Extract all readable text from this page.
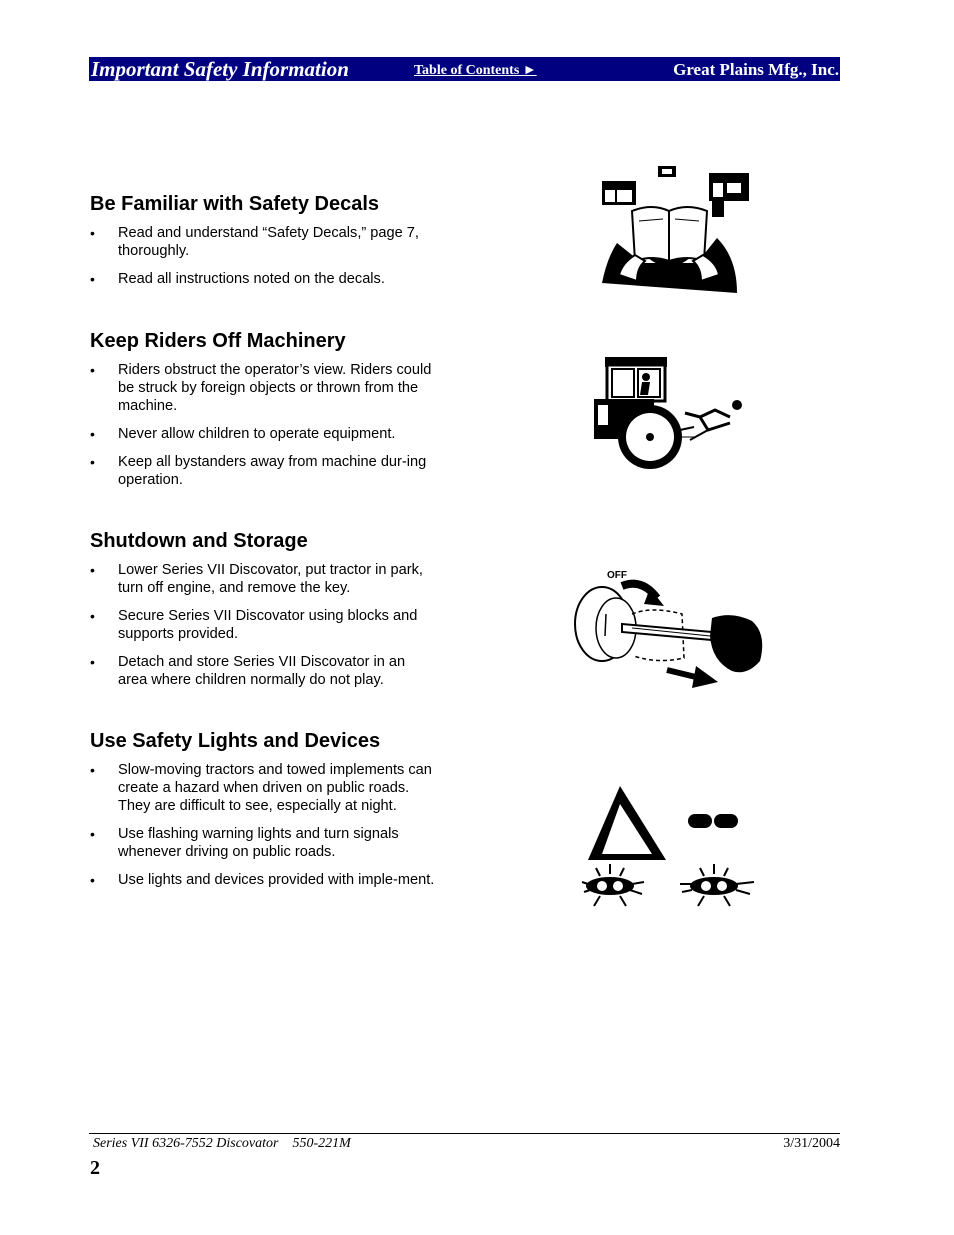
Important Safety Information	Table of Contents ►	Great Plains Mfg., Inc.
Be Familiar with Safety Decals
• Read and understand “Safety Decals,” page 7, thoroughly.
• Read all instructions noted on the decals.
Keep Riders Off Machinery
• Riders obstruct the operator’s view. Riders could be struck by foreign objects or thrown from the machine.
• Never allow children to operate equipment.
• Keep all bystanders away from machine dur-ing operation.
Shutdown and Storage
• Lower Series VII Discovator, put tractor in park, turn off engine, and remove the key.
• Secure Series VII Discovator using blocks and supports provided.
• Detach and store Series VII Discovator in an area where children normally do not play.
Use Safety Lights and Devices
• Slow-moving tractors and towed implements can create a hazard when driven on public roads. They are difficult to see, especially at night.
• Use flashing warning lights and turn signals whenever driving on public roads.
• Use lights and devices provided with imple-ment.
OFF
Series VII 6326-7552 Discovator    550-221M	3/31/2004
2
